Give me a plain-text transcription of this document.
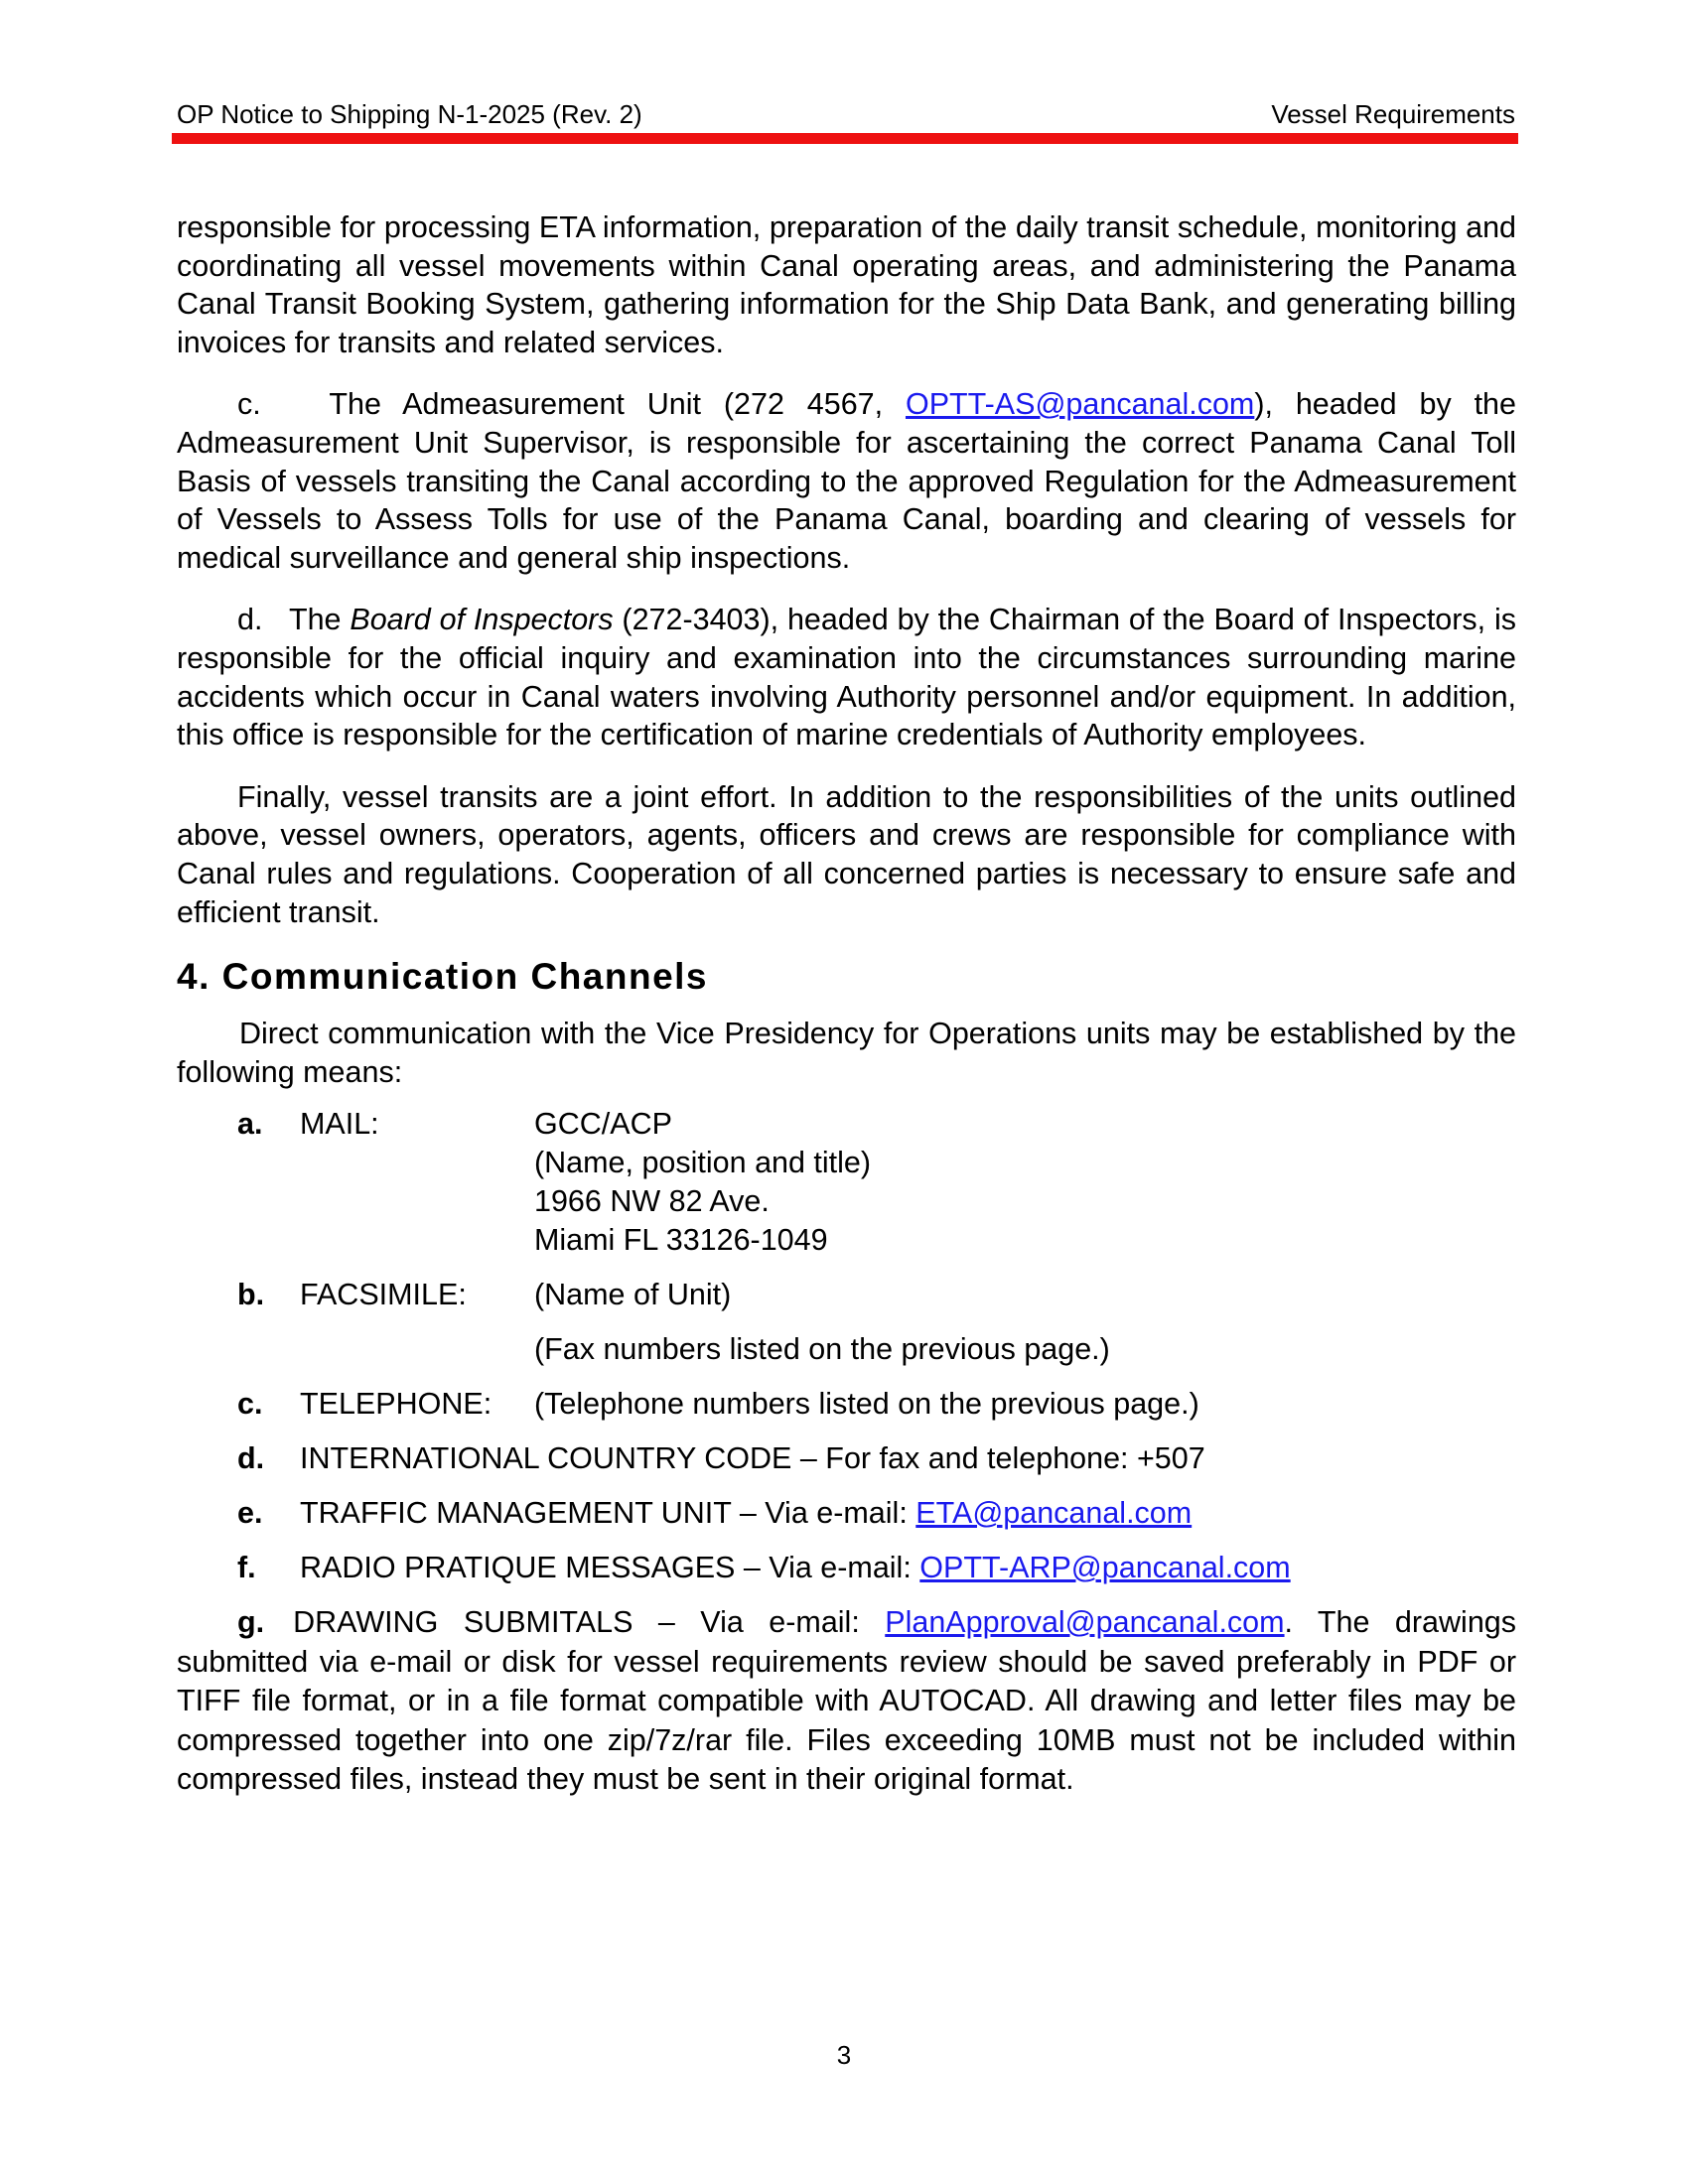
OP Notice to Shipping N-1-2025 (Rev. 2)	Vessel Requirements

responsible for processing ETA information, preparation of the daily transit schedule, monitoring and coordinating all vessel movements within Canal operating areas, and administering the Panama Canal Transit Booking System, gathering information for the Ship Data Bank, and generating billing invoices for transits and related services.

c. The Admeasurement Unit (272 4567, OPTT-AS@pancanal.com), headed by the Admeasurement Unit Supervisor, is responsible for ascertaining the correct Panama Canal Toll Basis of vessels transiting the Canal according to the approved Regulation for the Admeasurement of Vessels to Assess Tolls for use of the Panama Canal, boarding and clearing of vessels for medical surveillance and general ship inspections.

d. The Board of Inspectors (272-3403), headed by the Chairman of the Board of Inspectors, is responsible for the official inquiry and examination into the circumstances surrounding marine accidents which occur in Canal waters involving Authority personnel and/or equipment. In addition, this office is responsible for the certification of marine credentials of Authority employees.

Finally, vessel transits are a joint effort. In addition to the responsibilities of the units outlined above, vessel owners, operators, agents, officers and crews are responsible for compliance with Canal rules and regulations. Cooperation of all concerned parties is necessary to ensure safe and efficient transit.

4. Communication Channels

Direct communication with the Vice Presidency for Operations units may be established by the following means:

a. MAIL:	GCC/ACP
(Name, position and title)
1966 NW 82 Ave.
Miami FL 33126-1049
b. FACSIMILE: (Name of Unit)
(Fax numbers listed on the previous page.)
c. TELEPHONE: (Telephone numbers listed on the previous page.)
d. INTERNATIONAL COUNTRY CODE – For fax and telephone: +507
e. TRAFFIC MANAGEMENT UNIT – Via e-mail: ETA@pancanal.com
f. RADIO PRATIQUE MESSAGES – Via e-mail: OPTT-ARP@pancanal.com

g. DRAWING SUBMITALS – Via e-mail: PlanApproval@pancanal.com. The drawings submitted via e-mail or disk for vessel requirements review should be saved preferably in PDF or TIFF file format, or in a file format compatible with AUTOCAD. All drawing and letter files may be compressed together into one zip/7z/rar file. Files exceeding 10MB must not be included within compressed files, instead they must be sent in their original format.

3
